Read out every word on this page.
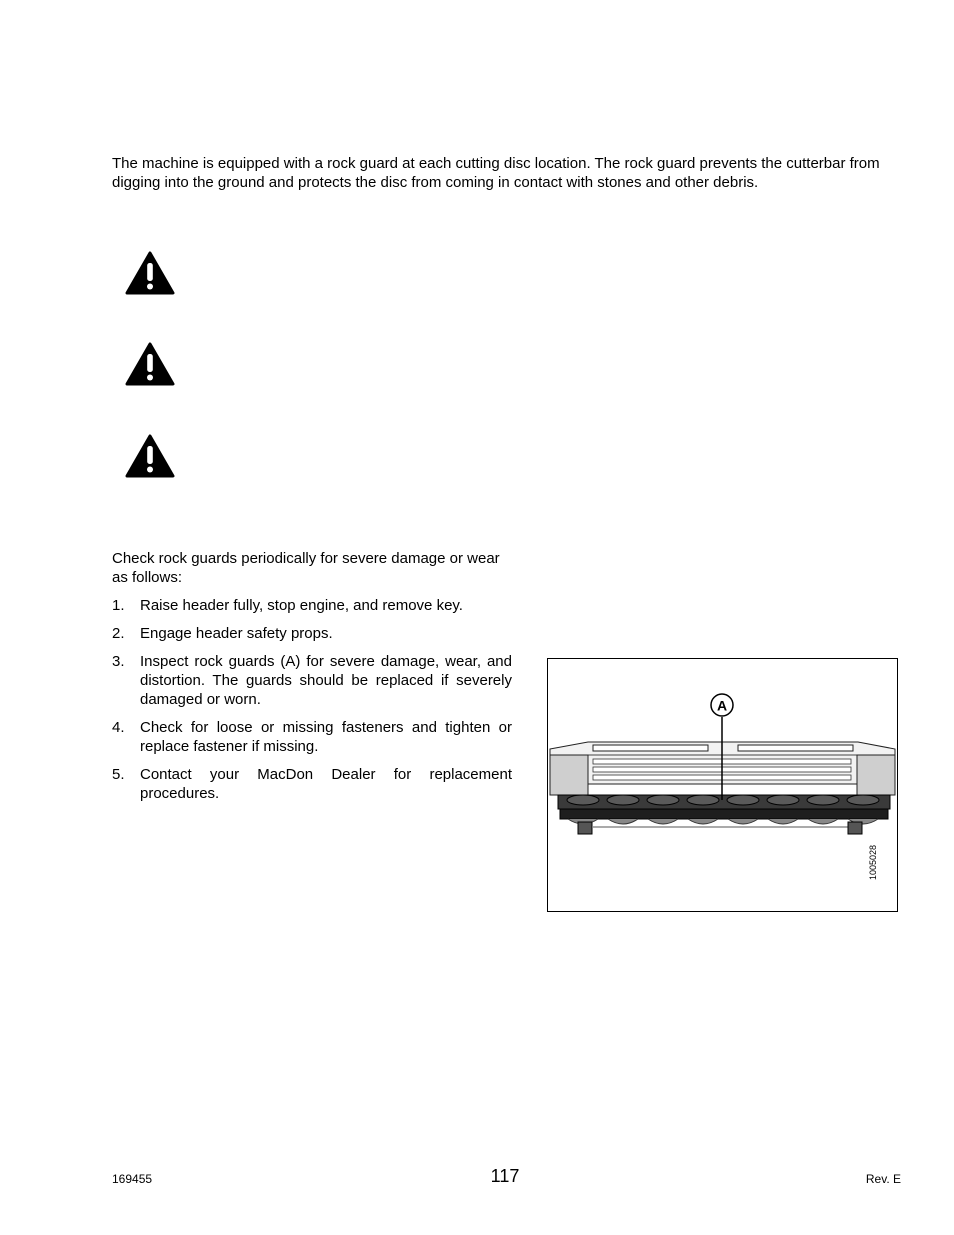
The machine is equipped with a rock guard at each cutting disc location. The rock guard prevents the cutterbar from digging into the ground and protects the disc from coming in contact with stones and other debris.

Check rock guards periodically for severe damage or wear as follows:

1. Raise header fully, stop engine, and remove key.
2. Engage header safety props.
3. Inspect rock guards (A) for severe damage, wear, and distortion. The guards should be replaced if severely damaged or worn.
4. Check for loose or missing fasteners and tighten or replace fastener if missing.
5. Contact your MacDon Dealer for replacement procedures.
A
1005028
169455	117	Rev. E
